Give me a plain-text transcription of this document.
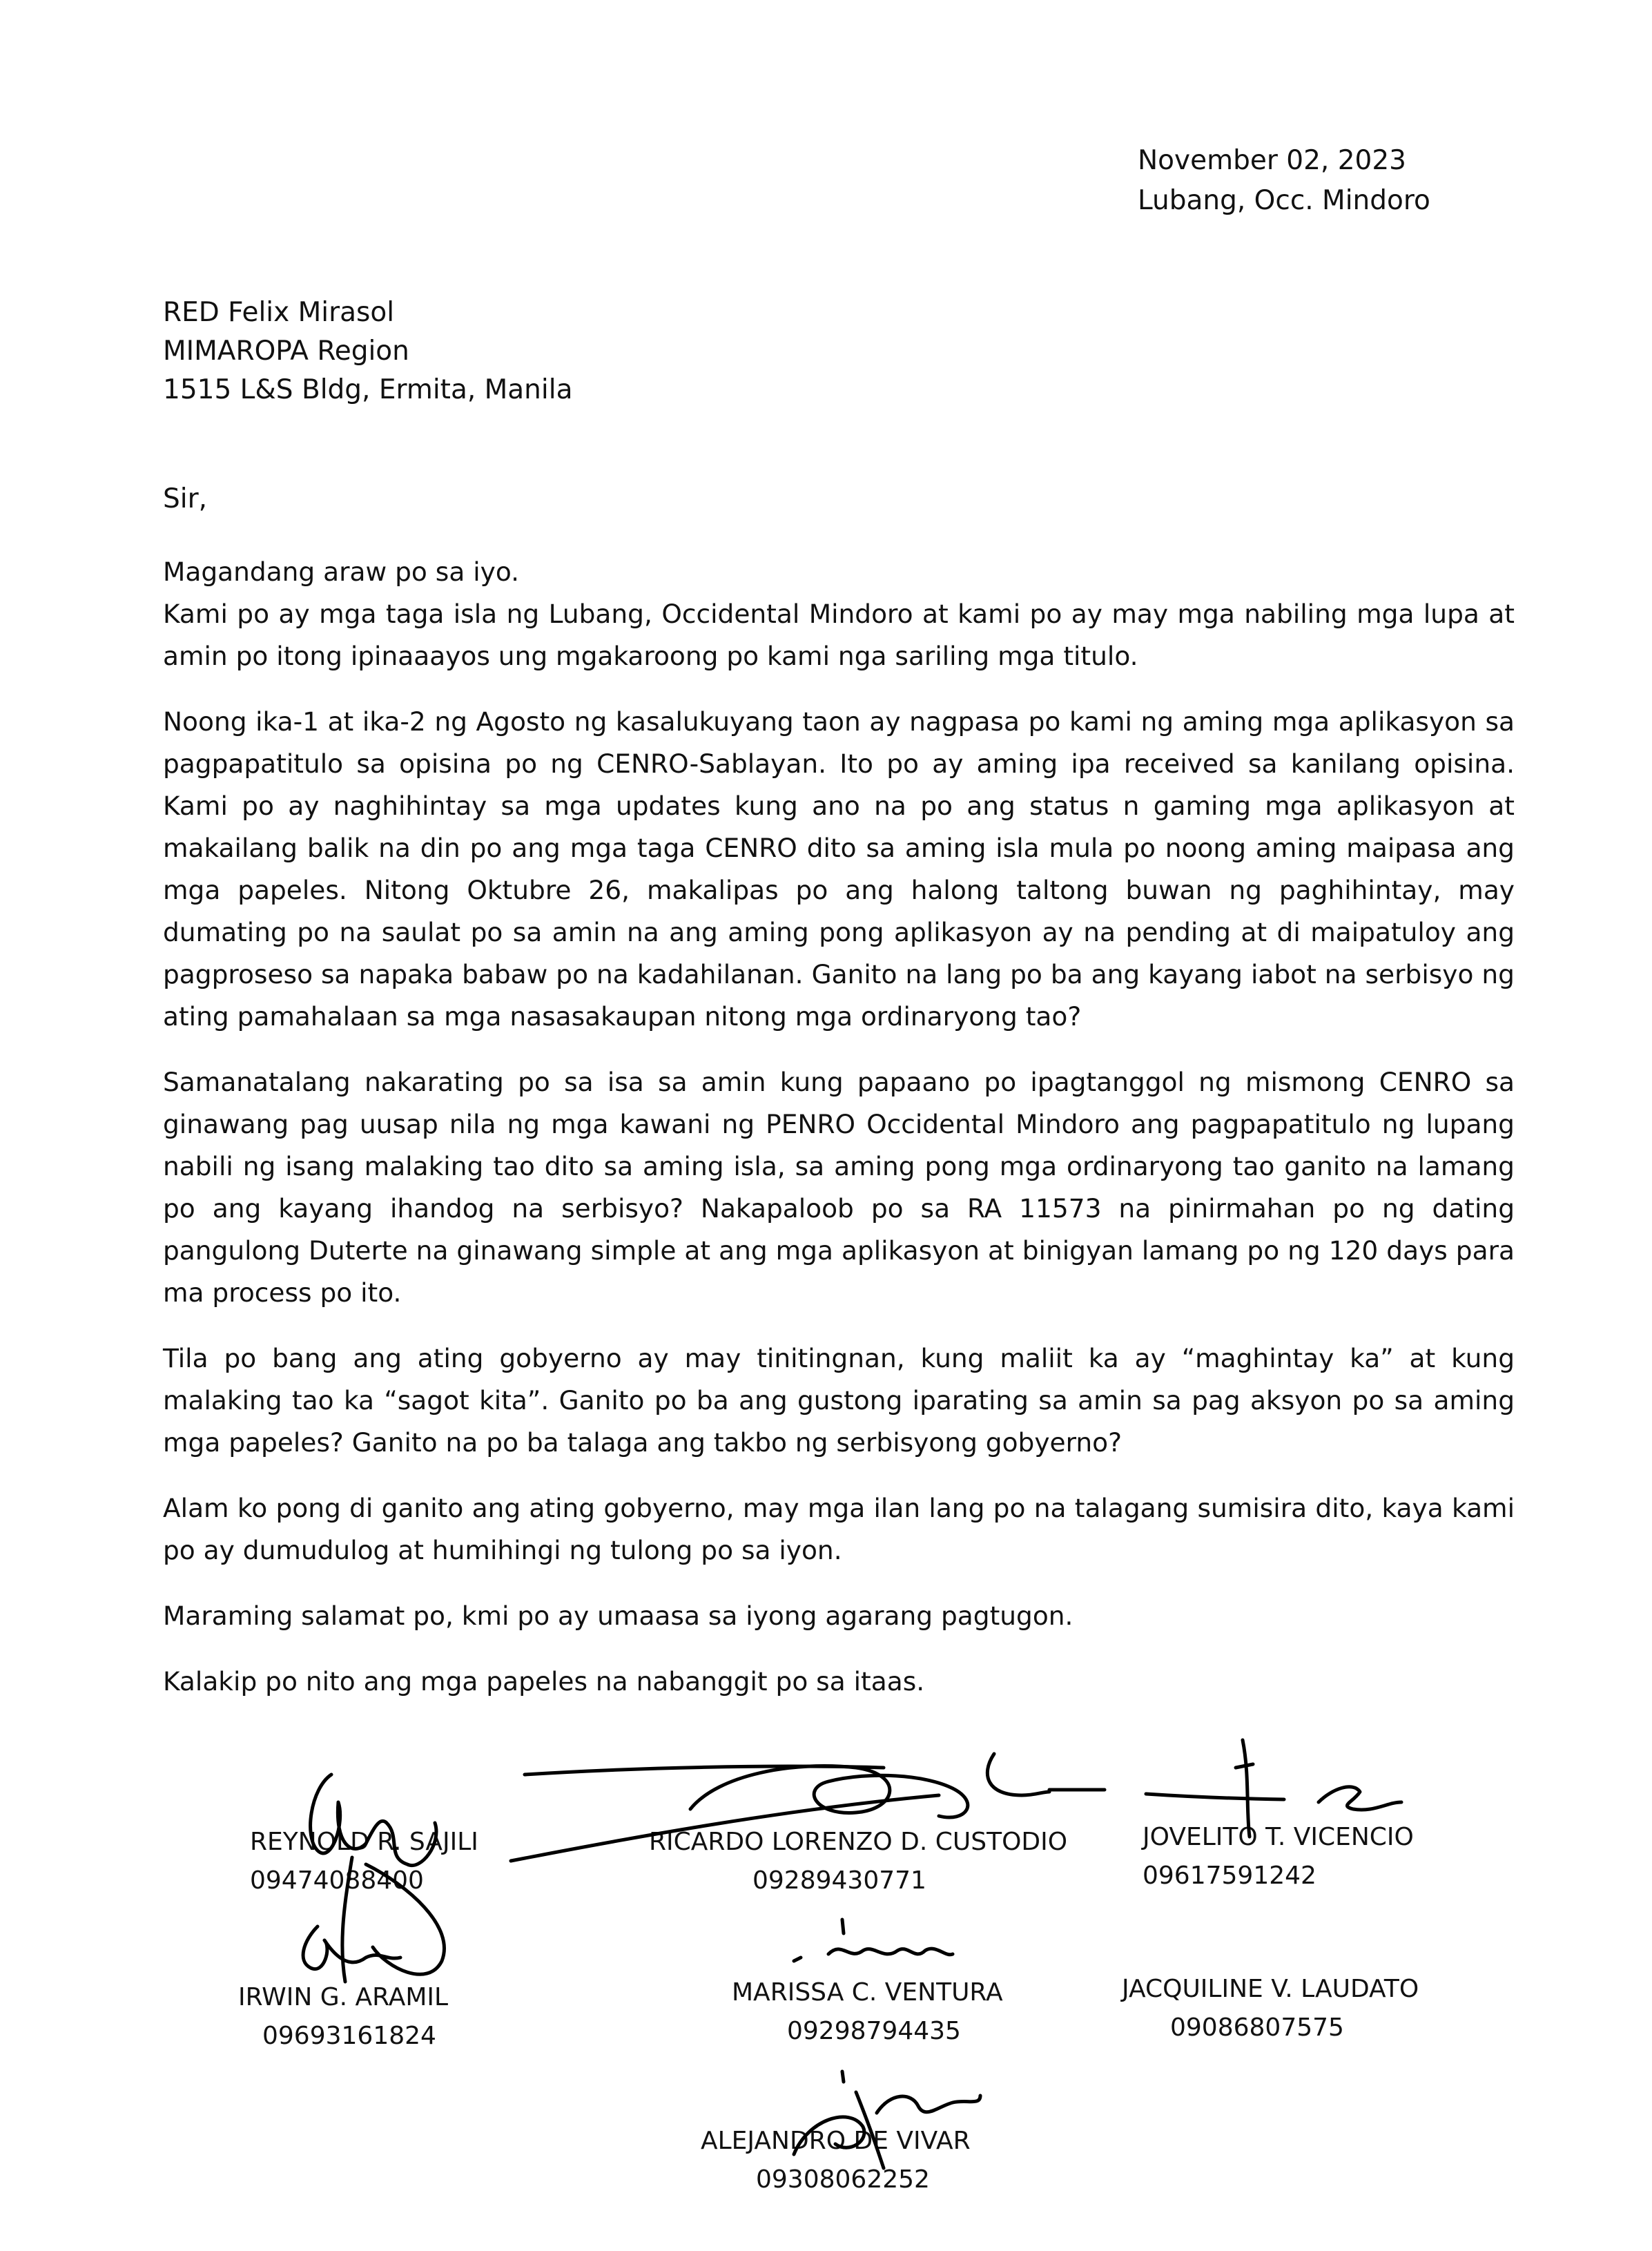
November 02, 2023
Lubang, Occ. Mindoro
RED Felix Mirasol
MIMAROPA Region
1515 L&S Bldg, Ermita, Manila
Sir,

Magandang araw po sa iyo.

Kami po ay mga taga isla ng Lubang, Occidental Mindoro at kami po ay may mga nabiling mga lupa at amin po itong ipinaaayos ung mgakaroong po kami nga sariling mga titulo.

Noong ika-1 at ika-2 ng Agosto ng kasalukuyang taon ay nagpasa po kami ng aming mga aplikasyon sa pagpapatitulo sa opisina po ng CENRO-Sablayan. Ito po ay aming ipa received sa kanilang opisina. Kami po ay naghihintay sa mga updates kung ano na po ang status n gaming mga aplikasyon at makailang balik na din po ang mga taga CENRO dito sa aming isla mula po noong aming maipasa ang mga papeles. Nitong Oktubre 26, makalipas po ang halong taltong buwan ng paghihintay, may dumating po na saulat po sa amin na ang aming pong aplikasyon ay na pending at di maipatuloy ang pagproseso sa napaka babaw po na kadahilanan. Ganito na lang po ba ang kayang iabot na serbisyo ng ating pamahalaan sa mga nasasakaupan nitong mga ordinaryong tao?

Samanatalang nakarating po sa isa sa amin kung papaano po ipagtanggol ng mismong CENRO sa ginawang pag uusap nila ng mga kawani ng PENRO Occidental Mindoro ang pagpapatitulo ng lupang nabili ng isang malaking tao dito sa aming isla, sa aming pong mga ordinaryong tao ganito na lamang po ang kayang ihandog na serbisyo? Nakapaloob po sa RA 11573 na pinirmahan po ng dating pangulong Duterte na ginawang simple at ang mga aplikasyon at binigyan lamang po ng 120 days para ma process po ito.

Tila po bang ang ating gobyerno ay may tinitingnan, kung maliit ka ay “maghintay ka” at kung malaking tao ka “sagot kita”. Ganito po ba ang gustong iparating sa amin sa pag aksyon po sa aming mga papeles? Ganito na po ba talaga ang takbo ng serbisyong gobyerno?

Alam ko pong di ganito ang ating gobyerno, may mga ilan lang po na talagang sumisira dito, kaya kami po ay dumudulog at humihingi ng tulong po sa iyon.

Maraming salamat po, kmi po ay umaasa sa iyong agarang pagtugon.

Kalakip po nito ang mga papeles na nabanggit po sa itaas.

REYNOLD R. SAJILI
09474088400
RICARDO LORENZO D. CUSTODIO
09289430771
JOVELITO T. VICENCIO
09617591242
IRWIN G. ARAMIL
09693161824
MARISSA C. VENTURA
09298794435
JACQUILINE V. LAUDATO
09086807575
ALEJANDRO DE VIVAR
09308062252
